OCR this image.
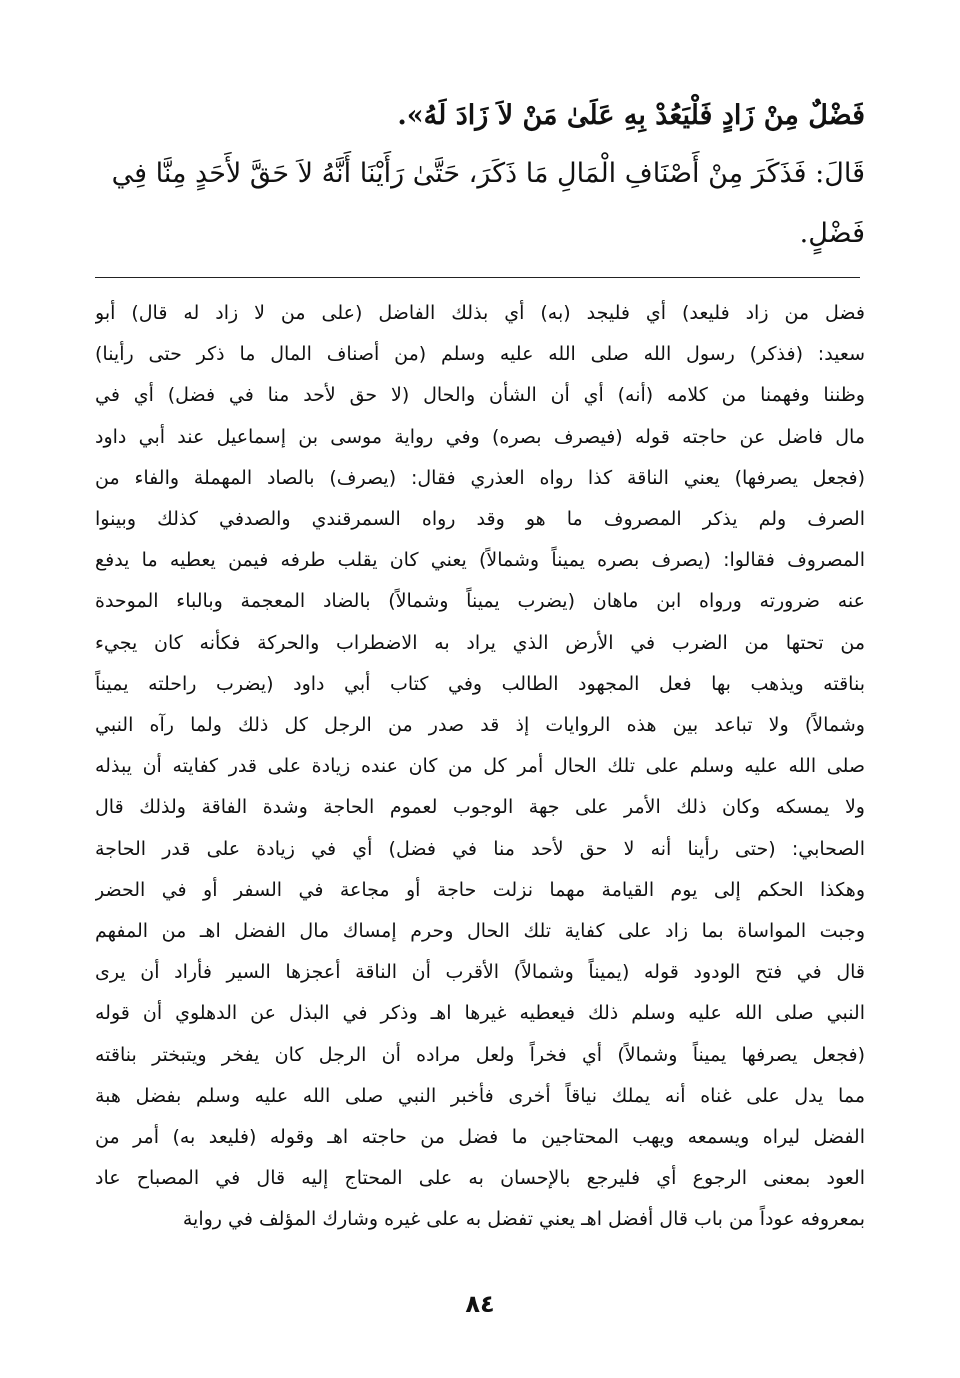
فَضْلٌ مِنْ زَادٍ فَلْيَعُدْ بِهِ عَلَىٰ مَنْ لاَ زَادَ لَهُ».
قَالَ: فَذَكَرَ مِنْ أَصْنَافِ الْمَالِ مَا ذَكَرَ، حَتَّىٰ رَأَيْنَا أَنَّهُ لاَ حَقَّ لأَحَدٍ مِنَّا فِي
فَضْلٍ.
فضل من زاد فليعد) أي فليجد (به) أي بذلك الفاضل (على من لا زاد له قال) أبو
سعيد: (فذكر) رسول الله صلى الله عليه وسلم (من أصناف المال ما ذكر حتى رأينا)
وظننا وفهمنا من كلامه (أنه) أي أن الشأن والحال (لا حق لأحد منا في فضل) أي في
مال فاضل عن حاجته قوله (فيصرف بصره) وفي رواية موسى بن إسماعيل عند أبي داود
(فجعل يصرفها) يعني الناقة كذا رواه العذري فقال: (يصرف) بالصاد المهملة والفاء من
الصرف ولم يذكر المصروف ما هو وقد رواه السمرقندي والصدفي كذلك وبينوا
المصروف فقالوا: (يصرف بصره يميناً وشمالاً) يعني كان يقلب طرفه فيمن يعطيه ما يدفع
عنه ضرورته ورواه ابن ماهان (يضرب يميناً وشمالاً) بالضاد المعجمة وبالباء الموحدة
من تحتها من الضرب في الأرض الذي يراد به الاضطراب والحركة فكأنه كان يجيء
بناقته ويذهب بها فعل المجهود الطالب وفي كتاب أبي داود (يضرب راحلته يميناً
وشمالاً) ولا تباعد بين هذه الروايات إذ قد صدر من الرجل كل ذلك ولما رآه النبي
صلى الله عليه وسلم على تلك الحال أمر كل من كان عنده زيادة على قدر كفايته أن يبذله
ولا يمسكه وكان ذلك الأمر على جهة الوجوب لعموم الحاجة وشدة الفاقة ولذلك قال
الصحابي: (حتى رأينا أنه لا حق لأحد منا في فضل) أي في زيادة على قدر الحاجة
وهكذا الحكم إلى يوم القيامة مهما نزلت حاجة أو مجاعة في السفر أو في الحضر
وجبت المواساة بما زاد على كفاية تلك الحال وحرم إمساك مال الفضل اهـ من المفهم
قال في فتح الودود قوله (يميناً وشمالاً) الأقرب أن الناقة أعجزها السير فأراد أن يرى
النبي صلى الله عليه وسلم ذلك فيعطيه غيرها اهـ وذكر في البذل عن الدهلوي أن قوله
(فجعل يصرفها يميناً وشمالاً) أي فخراً ولعل مراده أن الرجل كان يفخر ويتبختر بناقته
مما يدل على غناه أنه يملك نياقاً أخرى فأخبر النبي صلى الله عليه وسلم بفضل هبة
الفضل ليراه ويسمعه ويهب المحتاجين ما فضل من حاجته اهـ وقوله (فليعد به) أمر من
العود بمعنى الرجوع أي فليرجع بالإحسان به على المحتاج إليه قال في المصباح عاد
بمعروفه عوداً من باب قال أفضل اهـ يعني تفضل به على غيره وشارك المؤلف في رواية
٨٤
